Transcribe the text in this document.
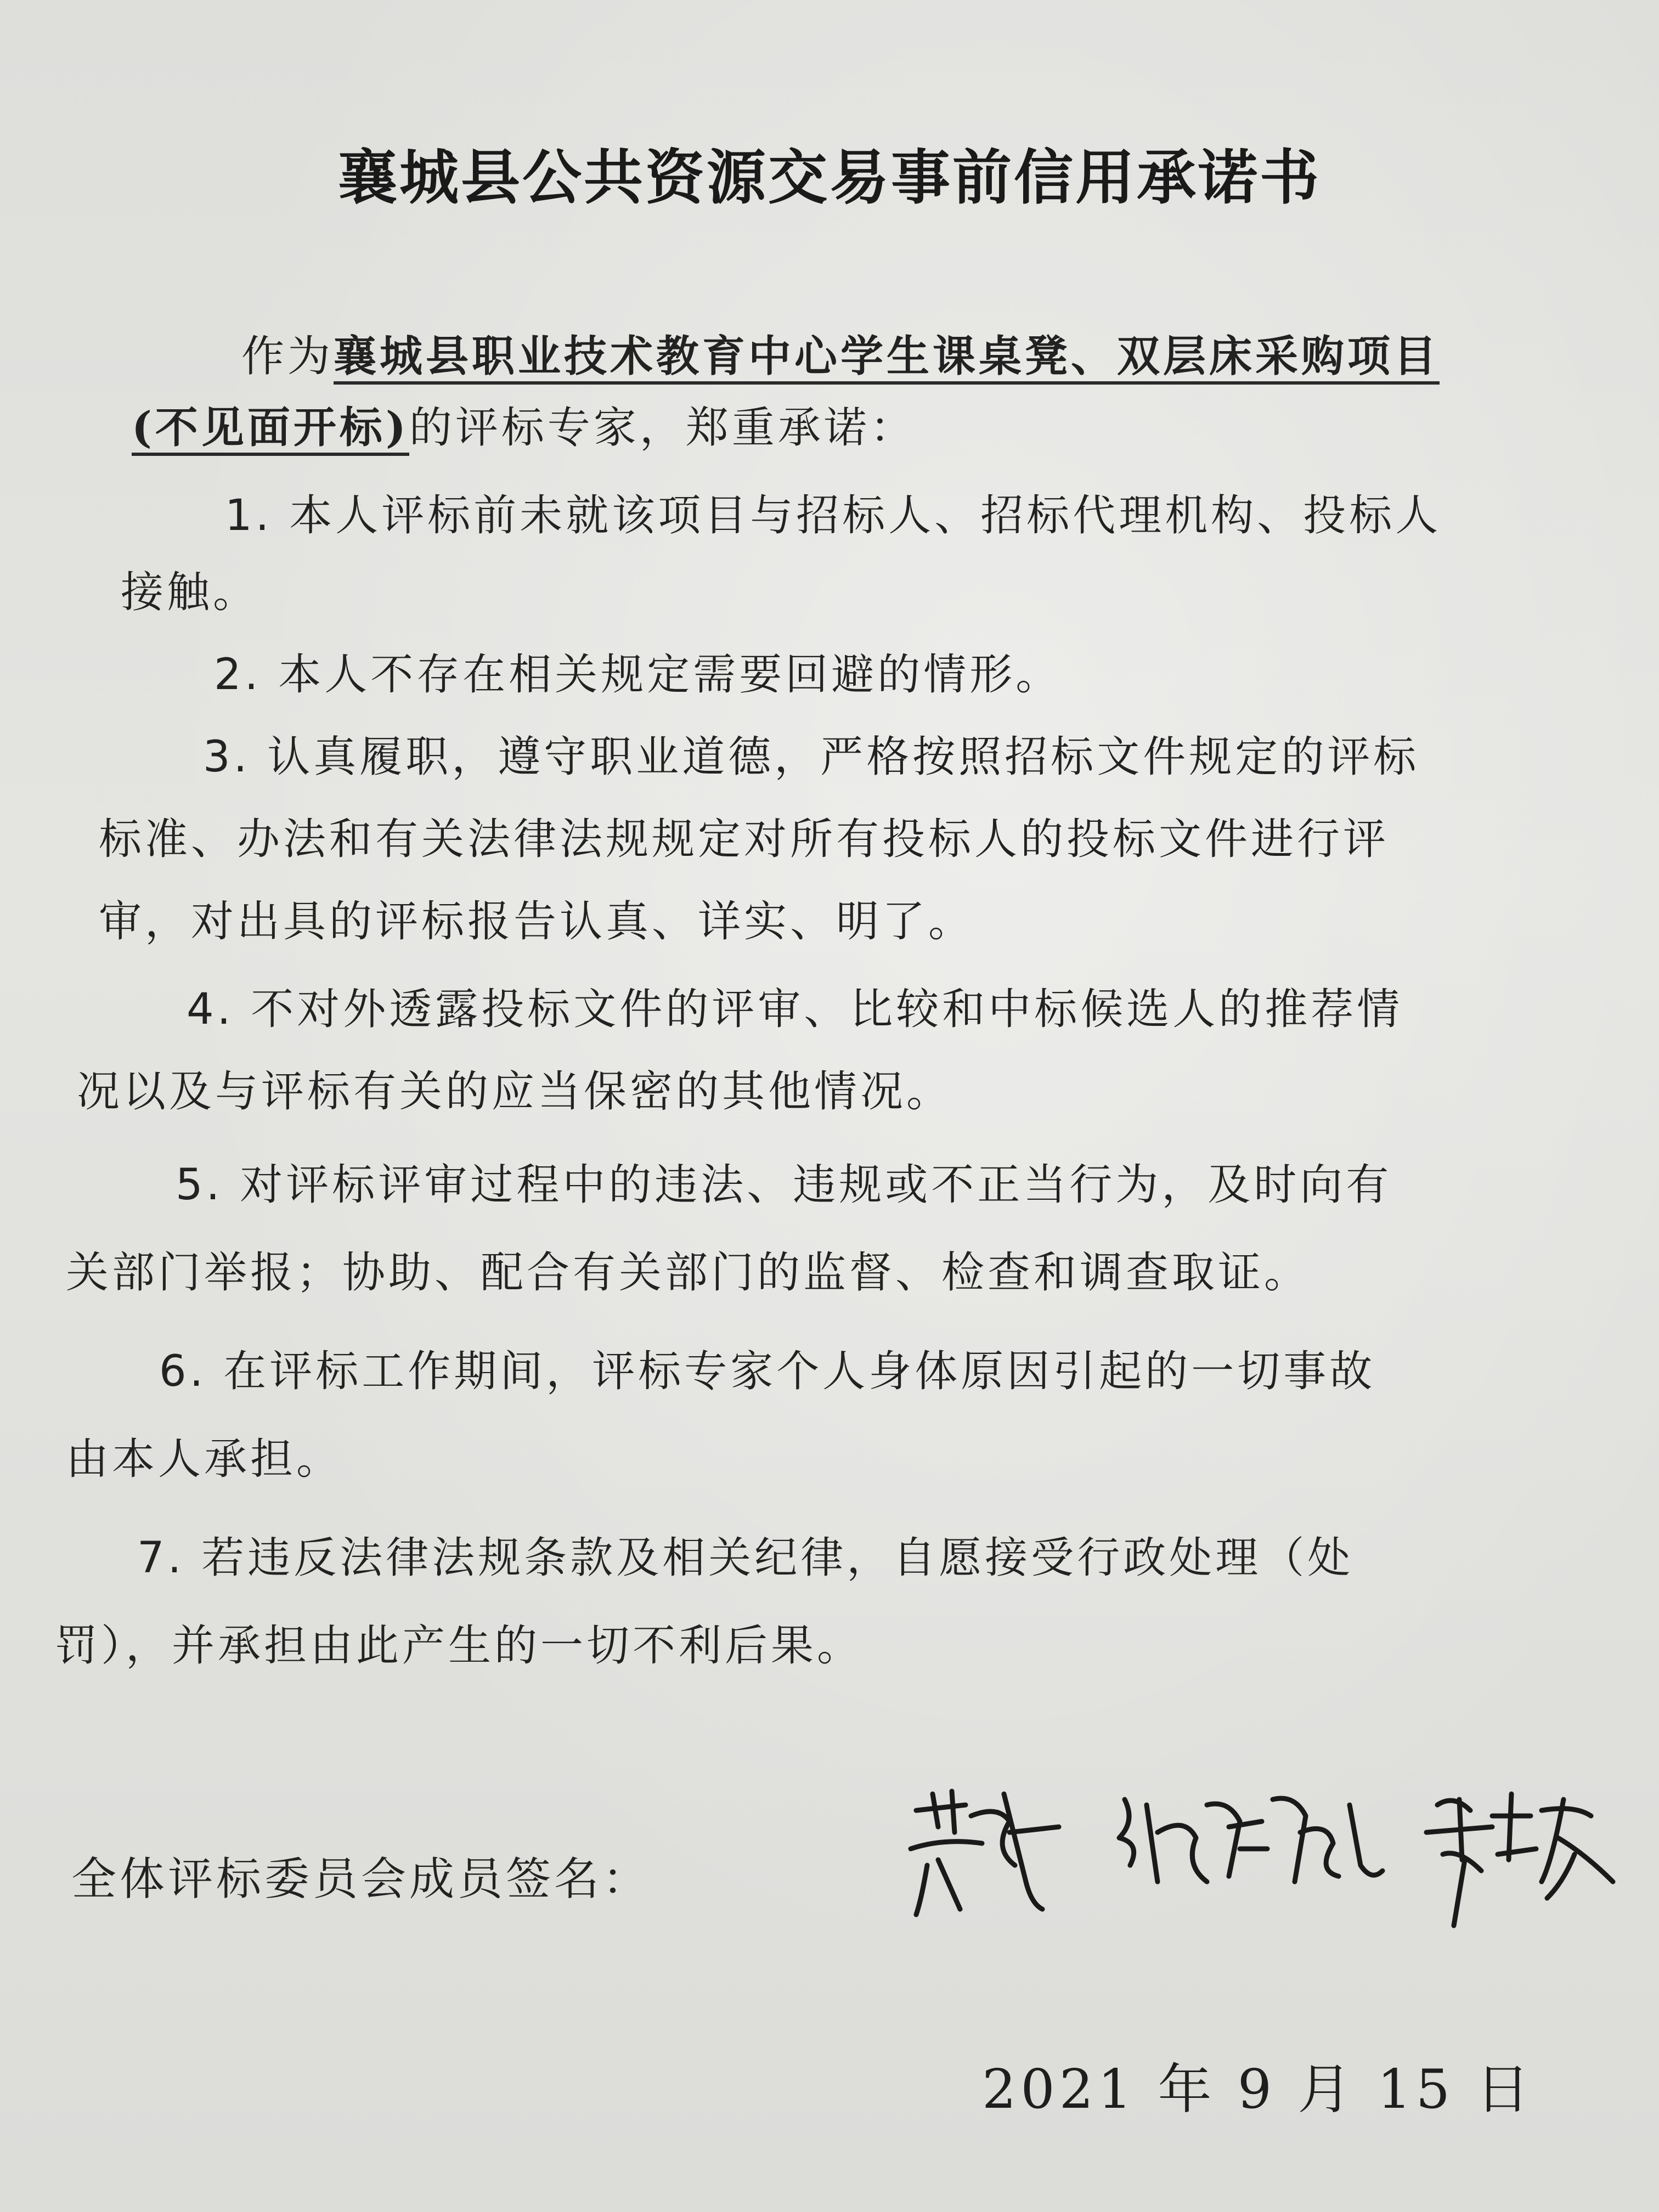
襄城县公共资源交易事前信用承诺书
作为襄城县职业技术教育中心学生课桌凳、双层床采购项目
(不见面开标)的评标专家，郑重承诺：
1. 本人评标前未就该项目与招标人、招标代理机构、投标人
接触。
2. 本人不存在相关规定需要回避的情形。
3. 认真履职，遵守职业道德，严格按照招标文件规定的评标
标准、办法和有关法律法规规定对所有投标人的投标文件进行评
审，对出具的评标报告认真、详实、明了。
4. 不对外透露投标文件的评审、比较和中标候选人的推荐情
况以及与评标有关的应当保密的其他情况。
5. 对评标评审过程中的违法、违规或不正当行为，及时向有
关部门举报；协助、配合有关部门的监督、检查和调查取证。
6. 在评标工作期间，评标专家个人身体原因引起的一切事故
由本人承担。
7. 若违反法律法规条款及相关纪律，自愿接受行政处理（处
罚），并承担由此产生的一切不利后果。
全体评标委员会成员签名：
2021 年 9 月 15 日
